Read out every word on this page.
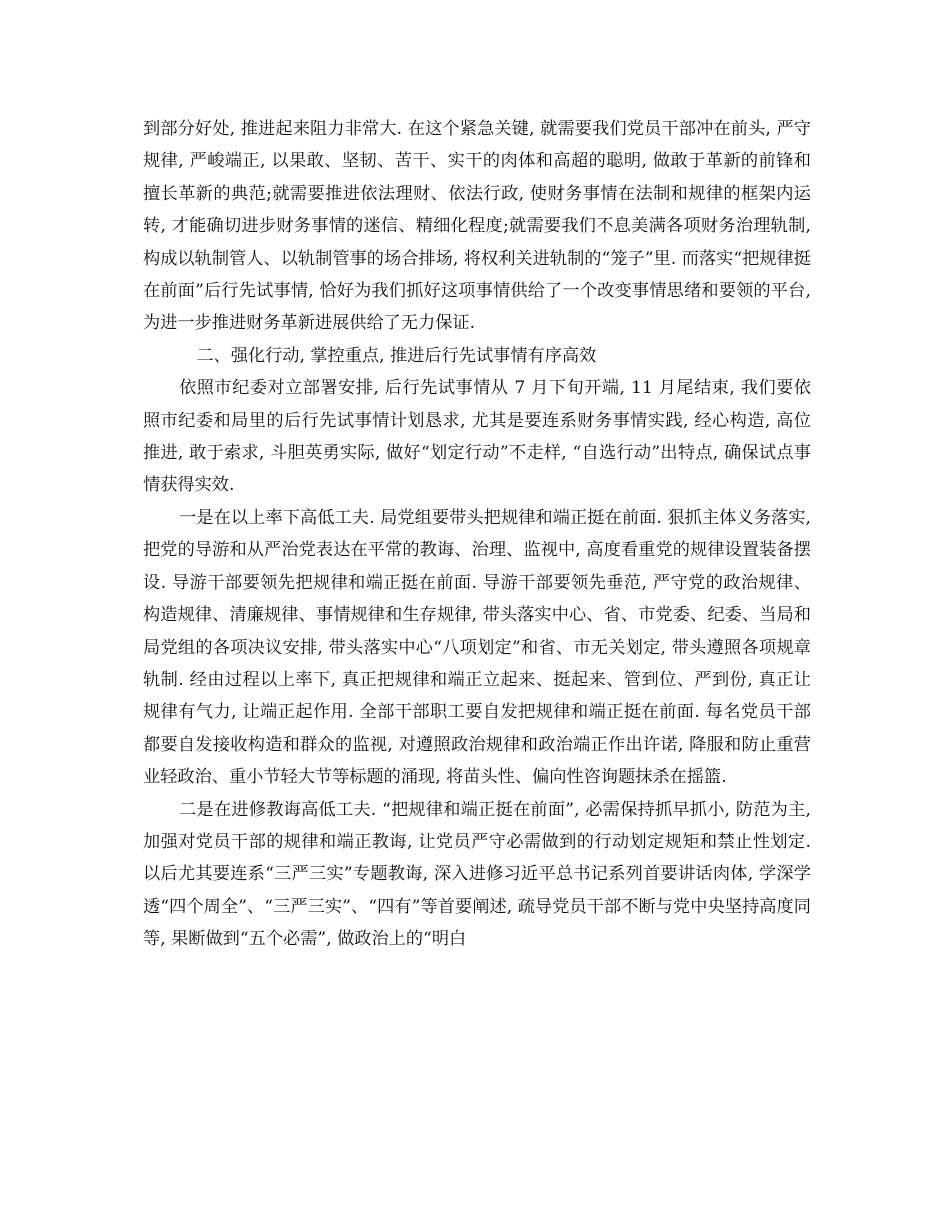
到部分好处, 推进起来阻力非常大. 在这个紧急关键, 就需要我们党员干部冲在前头, 严守规律, 严峻端正, 以果敢、坚韧、苦干、实干的肉体和高超的聪明, 做敢于革新的前锋和擅长革新的典范;就需要推进依法理财、依法行政, 使财务事情在法制和规律的框架内运转, 才能确切进步财务事情的迷信、精细化程度;就需要我们不息美满各项财务治理轨制, 构成以轨制管人、以轨制管事的场合排场, 将权利关进轨制的“笼子”里. 而落实“把规律挺在前面”后行先试事情, 恰好为我们抓好这项事情供给了一个改变事情思绪和要领的平台, 为进一步推进财务革新进展供给了无力保证.

二、强化行动, 掌控重点, 推进后行先试事情有序高效

依照市纪委对立部署安排, 后行先试事情从 7 月下旬开端, 11 月尾结束, 我们要依照市纪委和局里的后行先试事情计划恳求, 尤其是要连系财务事情实践, 经心构造, 高位推进, 敢于索求, 斗胆英勇实际, 做好“划定行动”不走样, “自选行动”出特点, 确保试点事情获得实效.

一是在以上率下高低工夫. 局党组要带头把规律和端正挺在前面. 狠抓主体义务落实, 把党的导游和从严治党表达在平常的教诲、治理、监视中, 高度看重党的规律设置装备摆设. 导游干部要领先把规律和端正挺在前面. 导游干部要领先垂范, 严守党的政治规律、构造规律、清廉规律、事情规律和生存规律, 带头落实中心、省、市党委、纪委、当局和局党组的各项决议安排, 带头落实中心“八项划定”和省、市无关划定, 带头遵照各项规章轨制. 经由过程以上率下, 真正把规律和端正立起来、挺起来、管到位、严到份, 真正让规律有气力, 让端正起作用. 全部干部职工要自发把规律和端正挺在前面. 每名党员干部都要自发接收构造和群众的监视, 对遵照政治规律和政治端正作出许诺, 降服和防止重营业轻政治、重小节轻大节等标题的涌现, 将苗头性、偏向性咨询题抹杀在摇篮.

二是在进修教诲高低工夫. “把规律和端正挺在前面”, 必需保持抓早抓小, 防范为主, 加强对党员干部的规律和端正教诲, 让党员严守必需做到的行动划定规矩和禁止性划定. 以后尤其要连系“三严三实”专题教诲, 深入进修习近平总书记系列首要讲话肉体, 学深学透“四个周全”、“三严三实”、“四有”等首要阐述, 疏导党员干部不断与党中央坚持高度同等, 果断做到“五个必需”, 做政治上的“明白
